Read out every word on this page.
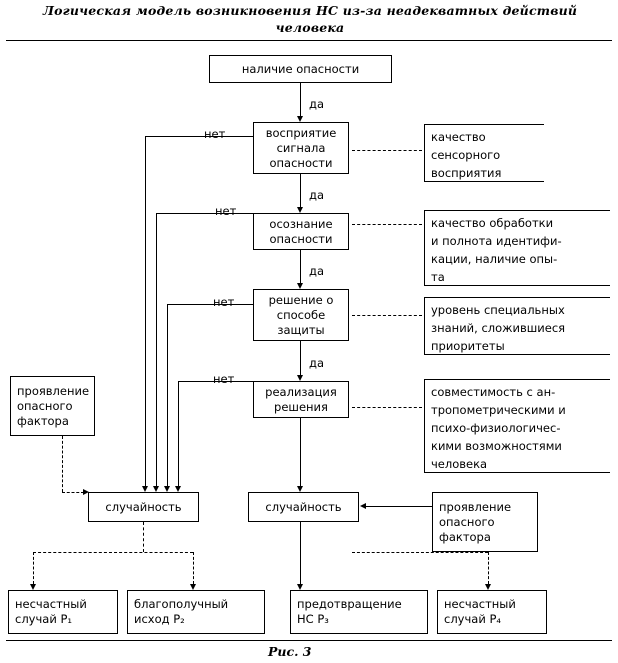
Логическая модель возникновения НС из-за неадекватных действий человека
наличие опасности
восприятие
сигнала
опасности
осознание
опасности
решение о
способе
защиты
реализация
решения
проявление
опасного
фактора
случайность	случайность	проявление
опасного
фактора
несчастный
случай P₁
благополучный
исход P₂
предотвращение
НС P₃
несчастный
случай P₄
качество
сенсорного
восприятия
качество обработки
и полнота идентифи-
кации, наличие опы-
та
уровень специальных
знаний, сложившиеся
приоритеты
совместимость с ан-
тропометрическими и
психо-физиологичес-
кими возможностями
человека
да
да
да
да
нет
нет
нет
нет
Рис. 3
